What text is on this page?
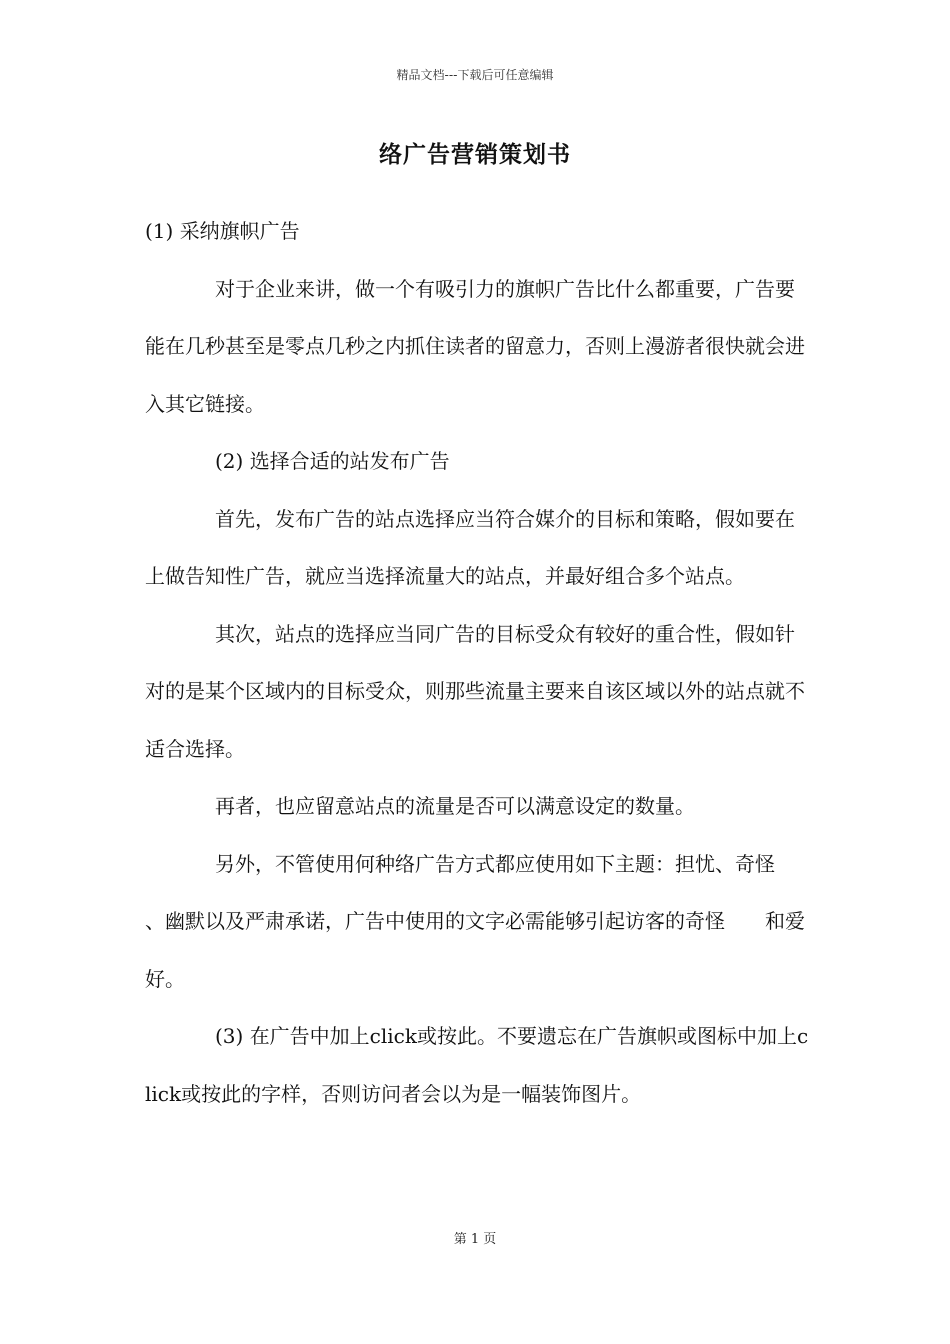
精品文档---下载后可任意编辑
络广告营销策划书

(1) 采纳旗帜广告

对于企业来讲，做一个有吸引力的旗帜广告比什么都重要，广告要能在几秒甚至是零点几秒之内抓住读者的留意力，否则上漫游者很快就会进入其它链接。

(2) 选择合适的站发布广告

首先，发布广告的站点选择应当符合媒介的目标和策略，假如要在上做告知性广告，就应当选择流量大的站点，并最好组合多个站点。

其次，站点的选择应当同广告的目标受众有较好的重合性，假如针对的是某个区域内的目标受众，则那些流量主要来自该区域以外的站点就不适合选择。

再者，也应留意站点的流量是否可以满意设定的数量。

另外，不管使用何种络广告方式都应使用如下主题：担忧、奇怪　　、幽默以及严肃承诺，广告中使用的文字必需能够引起访客的奇怪　　和爱好。

(3) 在广告中加上click或按此。不要遗忘在广告旗帜或图标中加上click或按此的字样，否则访问者会以为是一幅装饰图片。

第 1 页
